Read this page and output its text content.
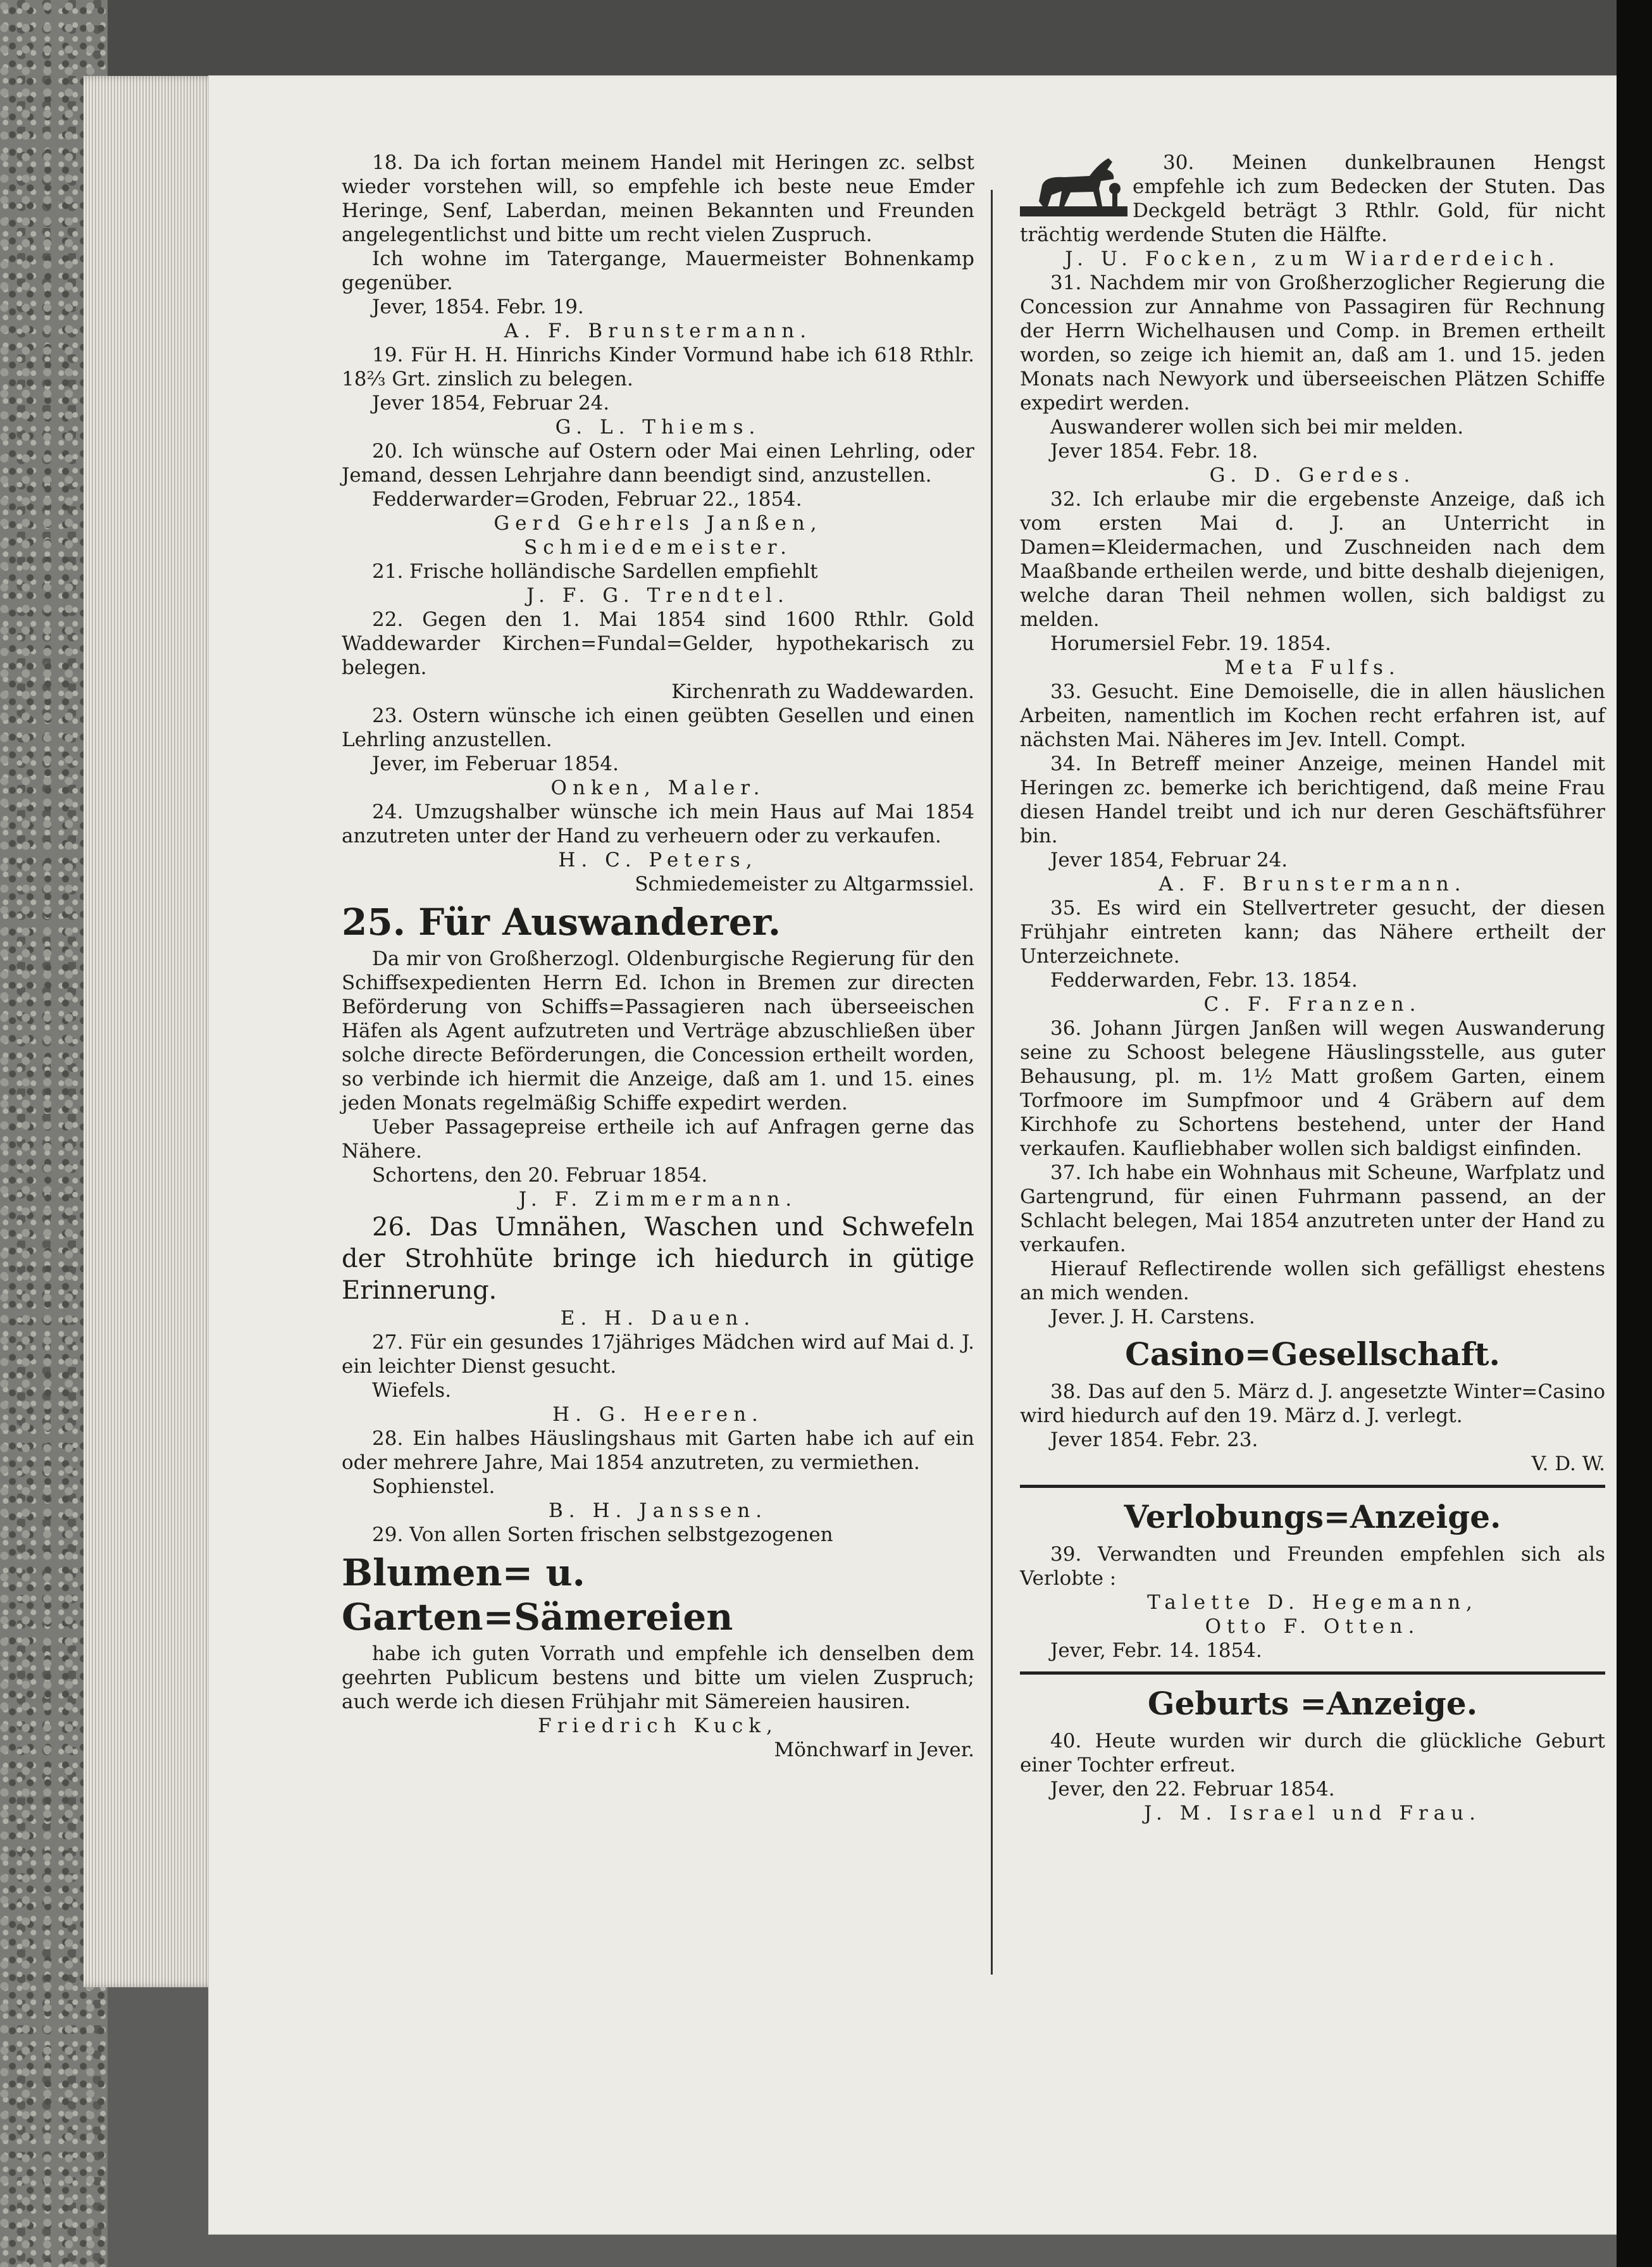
18. Da ich fortan meinem Handel mit Heringen zc. selbst wieder vorstehen will, so empfehle ich beste neue Emder Heringe, Senf, Laberdan, meinen Bekannten und Freunden angelegentlichst und bitte um recht vielen Zuspruch.

Ich wohne im Tatergange, Mauermeister Bohnenkamp gegenüber.

Jever, 1854. Febr. 19.

A. F. Brunstermann.

19. Für H. H. Hinrichs Kinder Vormund habe ich 618 Rthlr. 18⅔ Grt. zinslich zu belegen.

Jever 1854, Februar 24.

G. L. Thiems.

20. Ich wünsche auf Ostern oder Mai einen Lehrling, oder Jemand, dessen Lehrjahre dann beendigt sind, anzustellen.

Fedderwarder=Groden, Februar 22., 1854.

Gerd Gehrels Janßen,

Schmiedemeister.

21. Frische holländische Sardellen empfiehlt

J. F. G. Trendtel.

22. Gegen den 1. Mai 1854 sind 1600 Rthlr. Gold Waddewarder Kirchen=Fundal=Gelder, hypothekarisch zu belegen.

Kirchenrath zu Waddewarden.

23. Ostern wünsche ich einen geübten Gesellen und einen Lehrling anzustellen.

Jever, im Feberuar 1854.

Onken, Maler.

24. Umzugshalber wünsche ich mein Haus auf Mai 1854 anzutreten unter der Hand zu verheuern oder zu verkaufen.

H. C. Peters,

Schmiedemeister zu Altgarmssiel.

25. Für Auswanderer.

Da mir von Großherzogl. Oldenburgische Regierung für den Schiffsexpedienten Herrn Ed. Ichon in Bremen zur directen Beförderung von Schiffs=Passagieren nach überseeischen Häfen als Agent aufzutreten und Verträge abzuschließen über solche directe Beförderungen, die Concession ertheilt worden, so verbinde ich hiermit die Anzeige, daß am 1. und 15. eines jeden Monats regelmäßig Schiffe expedirt werden.

Ueber Passagepreise ertheile ich auf Anfragen gerne das Nähere.

Schortens, den 20. Februar 1854.

J. F. Zimmermann.

26. Das Umnähen, Waschen und Schwefeln der Strohhüte bringe ich hiedurch in gütige Erinnerung.

E. H. Dauen.

27. Für ein gesundes 17jähriges Mädchen wird auf Mai d. J. ein leichter Dienst gesucht.

Wiefels.

H. G. Heeren.

28. Ein halbes Häuslingshaus mit Garten habe ich auf ein oder mehrere Jahre, Mai 1854 anzutreten, zu vermiethen.

Sophienstel.

B. H. Janssen.

29. Von allen Sorten frischen selbstgezogenen

Blumen= u. Garten=Sämereien

habe ich guten Vorrath und empfehle ich denselben dem geehrten Publicum bestens und bitte um vielen Zuspruch; auch werde ich diesen Frühjahr mit Sämereien hausiren.

Friedrich Kuck,

Mönchwarf in Jever.

30. Meinen dunkelbraunen Hengst empfehle ich zum Bedecken der Stuten. Das Deckgeld beträgt 3 Rthlr. Gold, für nicht trächtig werdende Stuten die Hälfte.

J. U. Focken, zum Wiarderdeich.

31. Nachdem mir von Großherzoglicher Regierung die Concession zur Annahme von Passagiren für Rechnung der Herrn Wichelhausen und Comp. in Bremen ertheilt worden, so zeige ich hiemit an, daß am 1. und 15. jeden Monats nach Newyork und überseeischen Plätzen Schiffe expedirt werden.

Auswanderer wollen sich bei mir melden.

Jever 1854. Febr. 18.

G. D. Gerdes.

32. Ich erlaube mir die ergebenste Anzeige, daß ich vom ersten Mai d. J. an Unterricht in Damen=Kleidermachen, und Zuschneiden nach dem Maaßbande ertheilen werde, und bitte deshalb diejenigen, welche daran Theil nehmen wollen, sich baldigst zu melden.

Horumersiel Febr. 19. 1854.

Meta Fulfs.

33. Gesucht. Eine Demoiselle, die in allen häuslichen Arbeiten, namentlich im Kochen recht erfahren ist, auf nächsten Mai. Näheres im Jev. Intell. Compt.

34. In Betreff meiner Anzeige, meinen Handel mit Heringen zc. bemerke ich berichtigend, daß meine Frau diesen Handel treibt und ich nur deren Geschäftsführer bin.

Jever 1854, Februar 24.

A. F. Brunstermann.

35. Es wird ein Stellvertreter gesucht, der diesen Frühjahr eintreten kann; das Nähere ertheilt der Unterzeichnete.

Fedderwarden, Febr. 13. 1854.

C. F. Franzen.

36. Johann Jürgen Janßen will wegen Auswanderung seine zu Schoost belegene Häuslingsstelle, aus guter Behausung, pl. m. 1½ Matt großem Garten, einem Torfmoore im Sumpfmoor und 4 Gräbern auf dem Kirchhofe zu Schortens bestehend, unter der Hand verkaufen. Kaufliebhaber wollen sich baldigst einfinden.

37. Ich habe ein Wohnhaus mit Scheune, Warfplatz und Gartengrund, für einen Fuhrmann passend, an der Schlacht belegen, Mai 1854 anzutreten unter der Hand zu verkaufen.

Hierauf Reflectirende wollen sich gefälligst ehestens an mich wenden.

Jever. J. H. Carstens.

Casino=Gesellschaft.

38. Das auf den 5. März d. J. angesetzte Winter=Casino wird hiedurch auf den 19. März d. J. verlegt.

Jever 1854. Febr. 23.

V. D. W.

Verlobungs=Anzeige.

39. Verwandten und Freunden empfehlen sich als Verlobte :

Talette D. Hegemann,

Otto F. Otten.

Jever, Febr. 14. 1854.

Geburts =Anzeige.

40. Heute wurden wir durch die glückliche Geburt einer Tochter erfreut.

Jever, den 22. Februar 1854.

J. M. Israel und Frau.
